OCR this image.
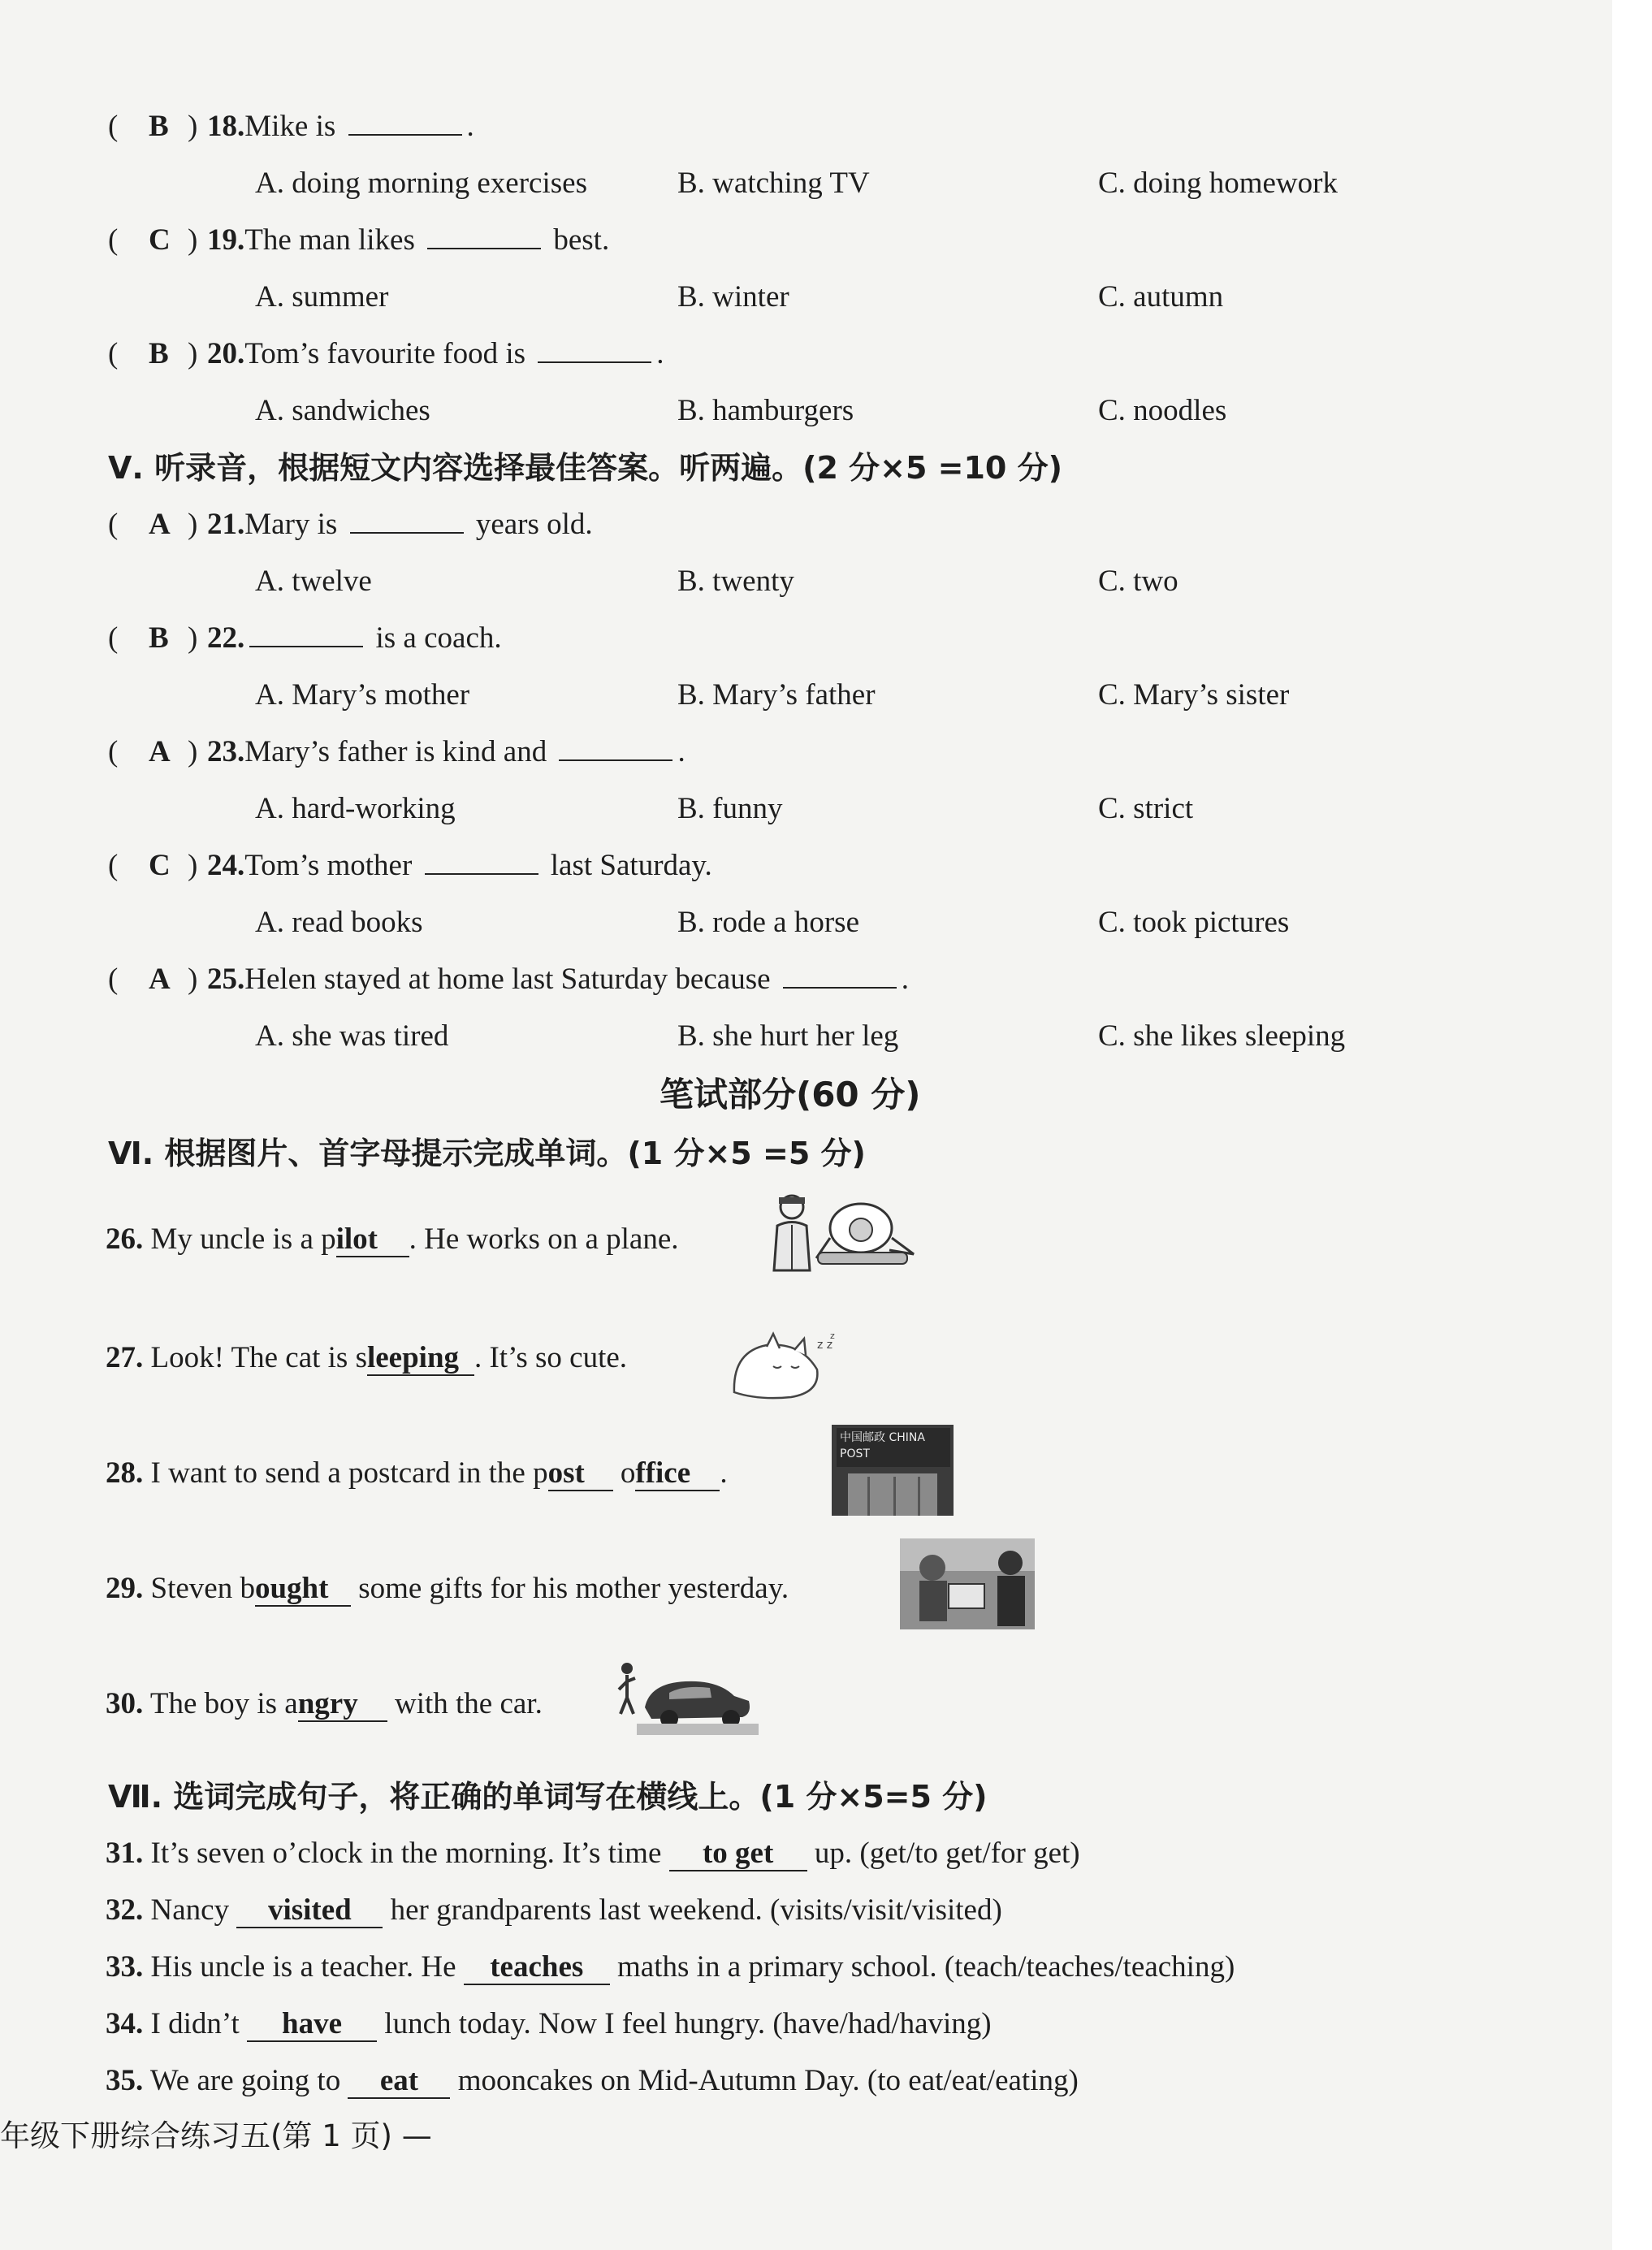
( B ) 18.Mike is	.
A. doing morning exercises	B. watching TV	C. doing homework
( C ) 19.The man likes	best.
A. summer	B. winter	C. autumn
( B ) 20.Tom’s favourite food is	.
A. sandwiches	B. hamburgers	C. noodles
Ⅴ. 听录音，根据短文内容选择最佳答案。听两遍。(2 分×5 =10 分)
( A ) 21.Mary is	years old.
A. twelve	B. twenty	C. two
( B ) 22.	is a coach.
A. Mary’s mother	B. Mary’s father	C. Mary’s sister
( A ) 23.Mary’s father is kind and	.
A. hard-working	B. funny	C. strict
( C ) 24.Tom’s mother	last Saturday.
A. read books	B. rode a horse	C. took pictures
( A ) 25.Helen stayed at home last Saturday because	.
A. she was tired	B. she hurt her leg	C. she likes sleeping
笔试部分(60 分)
Ⅵ. 根据图片、首字母提示完成单词。(1 分×5 =5 分)
26. My uncle is a pilot . He works on a plane.
27. Look! The cat is sleeping . It’s so cute.	z z
z
28. I want to send a postcard in the post office .
中国邮政 CHINA POST
29. Steven bought some gifts for his mother yesterday.
30. The boy is angry with the car.
Ⅶ. 选词完成句子，将正确的单词写在横线上。(1 分×5=5 分)
31. It’s seven o’clock in the morning. It’s time to get up. (get/to get/for get)
32. Nancy visited her grandparents last weekend. (visits/visit/visited)
33. His uncle is a teacher. He teaches maths in a primary school. (teach/teaches/teaching)
34. I didn’t have lunch today. Now I feel hungry. (have/had/having)
35. We are going to eat mooncakes on Mid-Autumn Day. (to eat/eat/eating)
年级下册综合练习五(第 1 页) —
